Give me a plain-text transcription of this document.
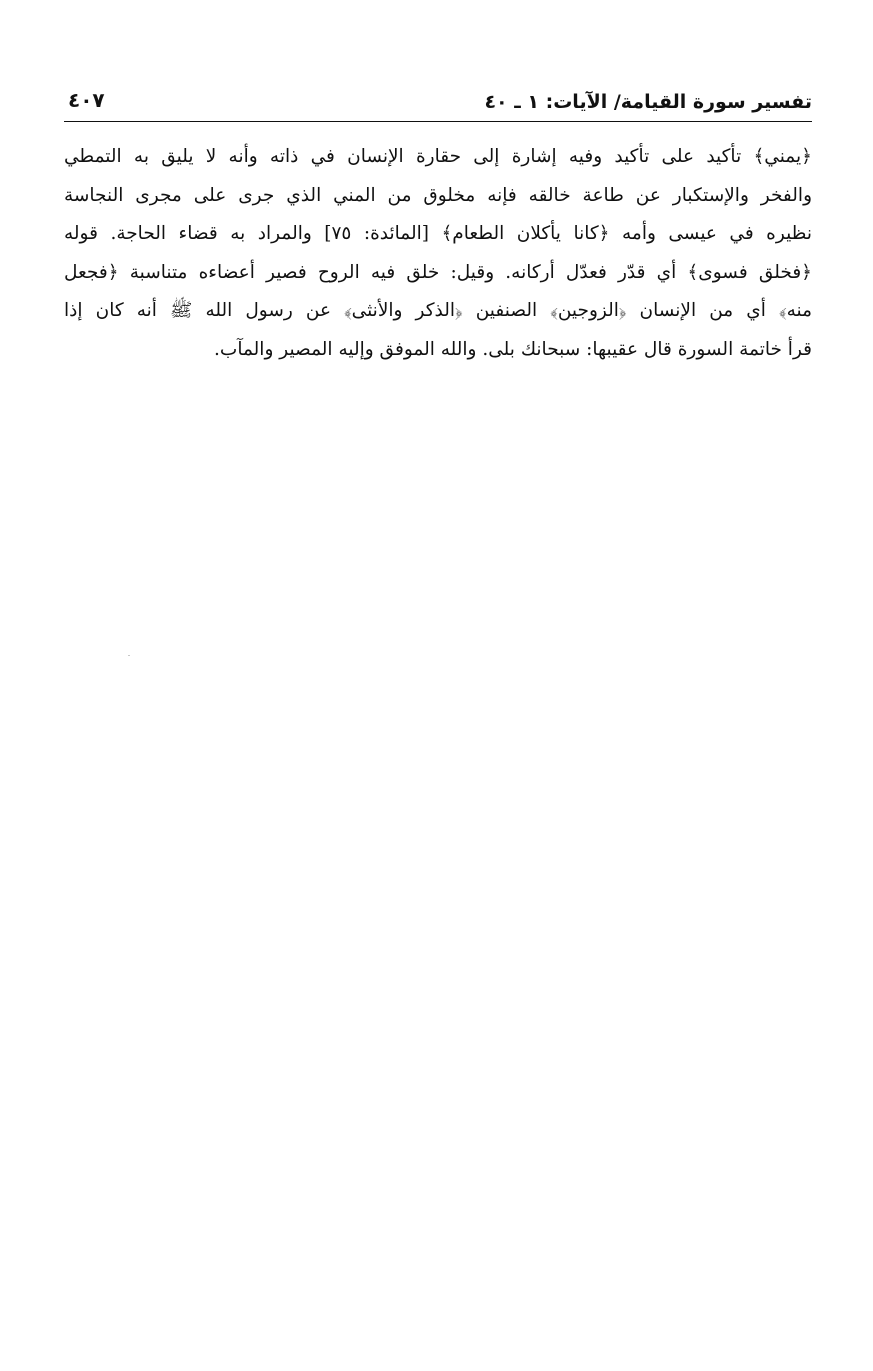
تفسير سورة القيامة/ الآيات: ١ ـ ٤٠
٤٠٧
﴿يمني﴾ تأكيد على تأكيد وفيه إشارة إلى حقارة الإنسان في ذاته وأنه لا يليق به التمطي
والفخر والإستكبار عن طاعة خالقه فإنه مخلوق من المني الذي جرى على مجرى النجاسة
نظيره في عيسى وأمه ﴿كانا يأكلان الطعام﴾ [المائدة: ٧٥] والمراد به قضاء الحاجة. قوله
﴿فخلق فسوى﴾ أي قدّر فعدّل أركانه. وقيل: خلق فيه الروح فصير أعضاءه متناسبة ﴿فجعل
منه﴾ أي من الإنسان ﴿الزوجين﴾ الصنفين ﴿الذكر والأنثى﴾ عن رسول الله ﷺ أنه كان إذا
قرأ خاتمة السورة قال عقيبها: سبحانك بلى. والله الموفق وإليه المصير والمآب.
